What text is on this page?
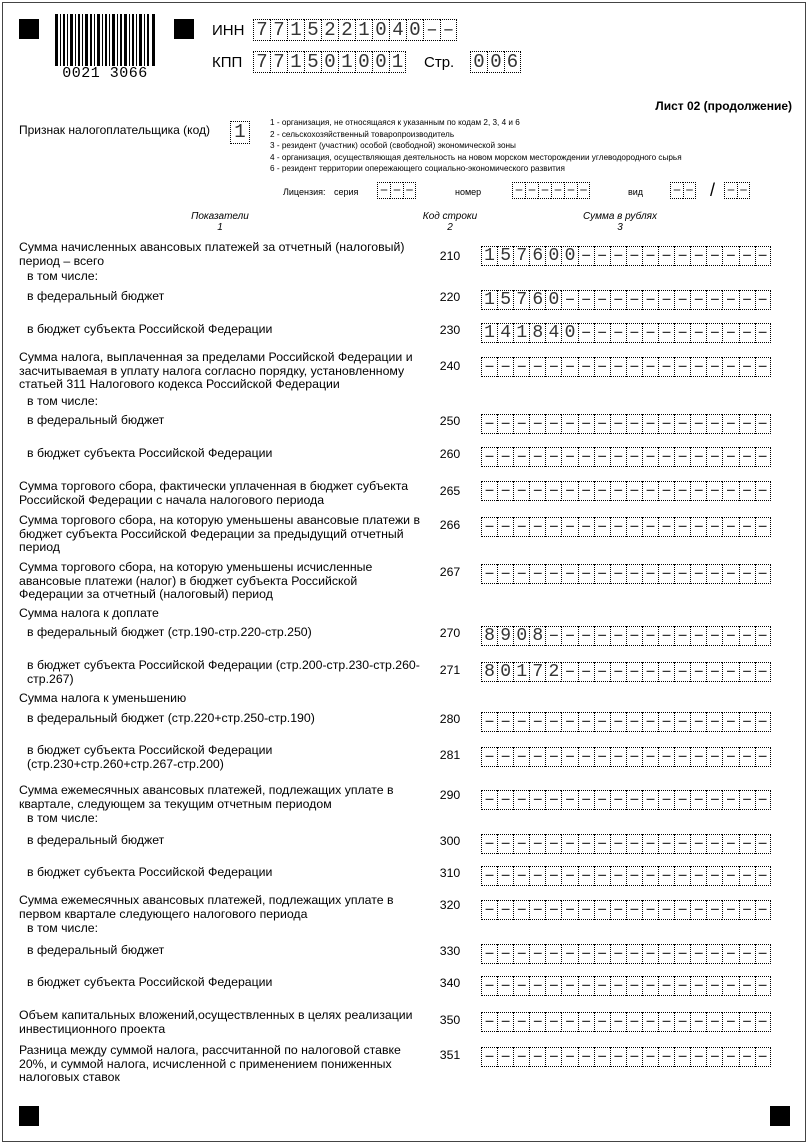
0021 3066
ИНН 7 7 1 5 2 2 1 0 4 0 – –
КПП 7 7 1 5 0 1 0 0 1 Стр. 0 0 6
Лист 02 (продолжение)
Признак налогоплательщика (код) 1	1 - организация, не относящаяся к указанным по кодам 2, 3, 4 и 6
2 - сельскохозяйственный товаропроизводитель
3 - резидент (участник) особой (свободной) экономической зоны
4 - организация, осуществляющая деятельность на новом морском месторождении углеводородного сырья
6 - резидент территории опережающего социально-экономического развития
Лицензия: серия – – –	номер – – – – – –	вид – – / – –
Показатели
1
Код строки
2
Сумма в рублях
3
Сумма начисленных авансовых платежей за отчетный (налоговый)
период – всего	210	1 5 7 6 0 0 – – – – – – – – – – – –
в том числе:
в федеральный бюджет	220	1 5 7 6 0 – – – – – – – – – – – – –
в бюджет субъекта Российской Федерации	230	1 4 1 8 4 0 – – – – – – – – – – – –
Сумма налога, выплаченная за пределами Российской Федерации и
засчитываемая в уплату налога согласно порядку, установленному
статьей 311 Налогового кодекса Российской Федерации
240	– – – – – – – – – – – – – – – – – –
в том числе:
в федеральный бюджет	250	– – – – – – – – – – – – – – – – – –
в бюджет субъекта Российской Федерации	260	– – – – – – – – – – – – – – – – – –
Сумма торгового сбора, фактически уплаченная в бюджет субъекта
Российской Федерации с начала налогового периода
265	– – – – – – – – – – – – – – – – – –
Сумма торгового сбора, на которую уменьшены авансовые платежи в
бюджет субъекта Российской Федерации за предыдущий отчетный
период
266	– – – – – – – – – – – – – – – – – –
Сумма торгового сбора, на которую уменьшены исчисленные
авансовые платежи (налог) в бюджет субъекта Российской
Федерации за отчетный (налоговый) период
267	– – – – – – – – – – – – – – – – – –
Сумма налога к доплате
в федеральный бюджет (стр.190-стр.220-стр.250)	270	8 9 0 8 – – – – – – – – – – – – – –
в бюджет субъекта Российской Федерации (стр.200-стр.230-стр.260-
стр.267)
271	8 0 1 7 2 – – – – – – – – – – – – –
Сумма налога к уменьшению
в федеральный бюджет (стр.220+стр.250-стр.190)	280	– – – – – – – – – – – – – – – – – –
в бюджет субъекта Российской Федерации
(стр.230+стр.260+стр.267-стр.200)
281	– – – – – – – – – – – – – – – – – –
Сумма ежемесячных авансовых платежей, подлежащих уплате в
квартале, следующем за текущим отчетным периодом
290	– – – – – – – – – – – – – – – – – –
в том числе:
в федеральный бюджет	300	– – – – – – – – – – – – – – – – – –
в бюджет субъекта Российской Федерации	310	– – – – – – – – – – – – – – – – – –
Сумма ежемесячных авансовых платежей, подлежащих уплате в
первом квартале следующего налогового периода
320	– – – – – – – – – – – – – – – – – –
в том числе:
в федеральный бюджет	330	– – – – – – – – – – – – – – – – – –
в бюджет субъекта Российской Федерации	340	– – – – – – – – – – – – – – – – – –
Объем капитальных вложений,осуществленных в целях реализации
инвестиционного проекта
350	– – – – – – – – – – – – – – – – – –
Разница между суммой налога, рассчитанной по налоговой ставке
20%, и суммой налога, исчисленной с применением пониженных
налоговых ставок
351	– – – – – – – – – – – – – – – – – –
